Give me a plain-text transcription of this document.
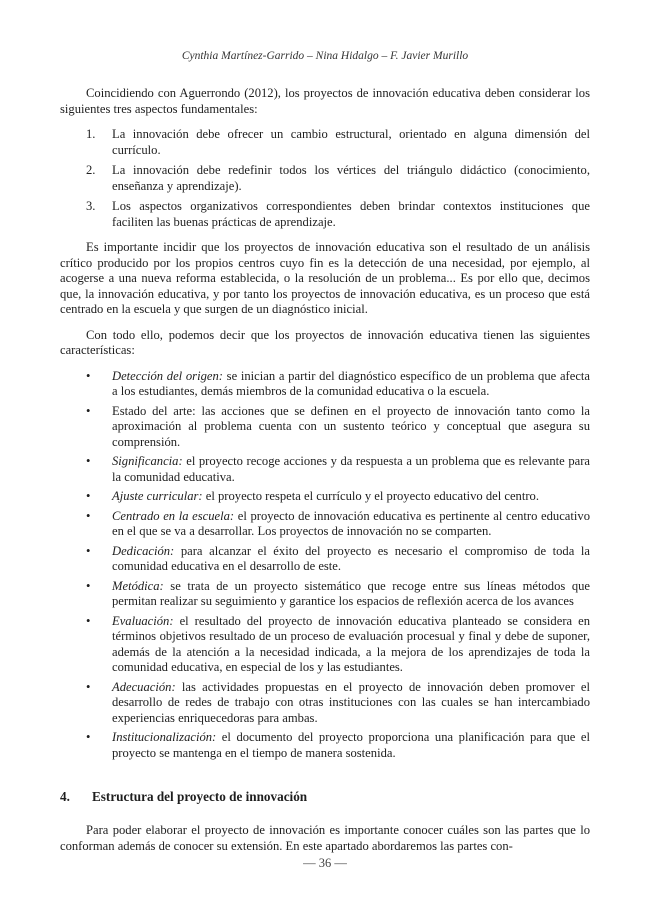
Cynthia Martínez-Garrido – Nina Hidalgo – F. Javier Murillo

Coincidiendo con Aguerrondo (2012), los proyectos de innovación educativa deben considerar los siguientes tres aspectos fundamentales:

1. La innovación debe ofrecer un cambio estructural, orientado en alguna dimensión del currículo.
2. La innovación debe redefinir todos los vértices del triángulo didáctico (conocimiento, enseñanza y aprendizaje).
3. Los aspectos organizativos correspondientes deben brindar contextos instituciones que faciliten las buenas prácticas de aprendizaje.

Es importante incidir que los proyectos de innovación educativa son el resultado de un análisis crítico producido por los propios centros cuyo fin es la detección de una necesidad, por ejemplo, al acogerse a una nueva reforma establecida, o la resolución de un problema... Es por ello que, decimos que, la innovación educativa, y por tanto los proyectos de innovación educativa, es un proceso que está centrado en la escuela y que surgen de un diagnóstico inicial.

Con todo ello, podemos decir que los proyectos de innovación educativa tienen las siguientes características:

• Detección del origen: se inician a partir del diagnóstico específico de un problema que afecta a los estudiantes, demás miembros de la comunidad educativa o la escuela.
• Estado del arte: las acciones que se definen en el proyecto de innovación tanto como la aproximación al problema cuenta con un sustento teórico y conceptual que asegura su comprensión.
• Significancia: el proyecto recoge acciones y da respuesta a un problema que es relevante para la comunidad educativa.
• Ajuste curricular: el proyecto respeta el currículo y el proyecto educativo del centro.
• Centrado en la escuela: el proyecto de innovación educativa es pertinente al centro educativo en el que se va a desarrollar. Los proyectos de innovación no se comparten.
• Dedicación: para alcanzar el éxito del proyecto es necesario el compromiso de toda la comunidad educativa en el desarrollo de este.
• Metódica: se trata de un proyecto sistemático que recoge entre sus líneas métodos que permitan realizar su seguimiento y garantice los espacios de reflexión acerca de los avances
• Evaluación: el resultado del proyecto de innovación educativa planteado se considera en términos objetivos resultado de un proceso de evaluación procesual y final y debe de suponer, además de la atención a la necesidad indicada, a la mejora de los aprendizajes de toda la comunidad educativa, en especial de los y las estudiantes.
• Adecuación: las actividades propuestas en el proyecto de innovación deben promover el desarrollo de redes de trabajo con otras instituciones con las cuales se han intercambiado experiencias enriquecedoras para ambas.
• Institucionalización: el documento del proyecto proporciona una planificación para que el proyecto se mantenga en el tiempo de manera sostenida.
4. Estructura del proyecto de innovación

Para poder elaborar el proyecto de innovación es importante conocer cuáles son las partes que lo conforman además de conocer su extensión. En este apartado abordaremos las partes con-

— 36 —
